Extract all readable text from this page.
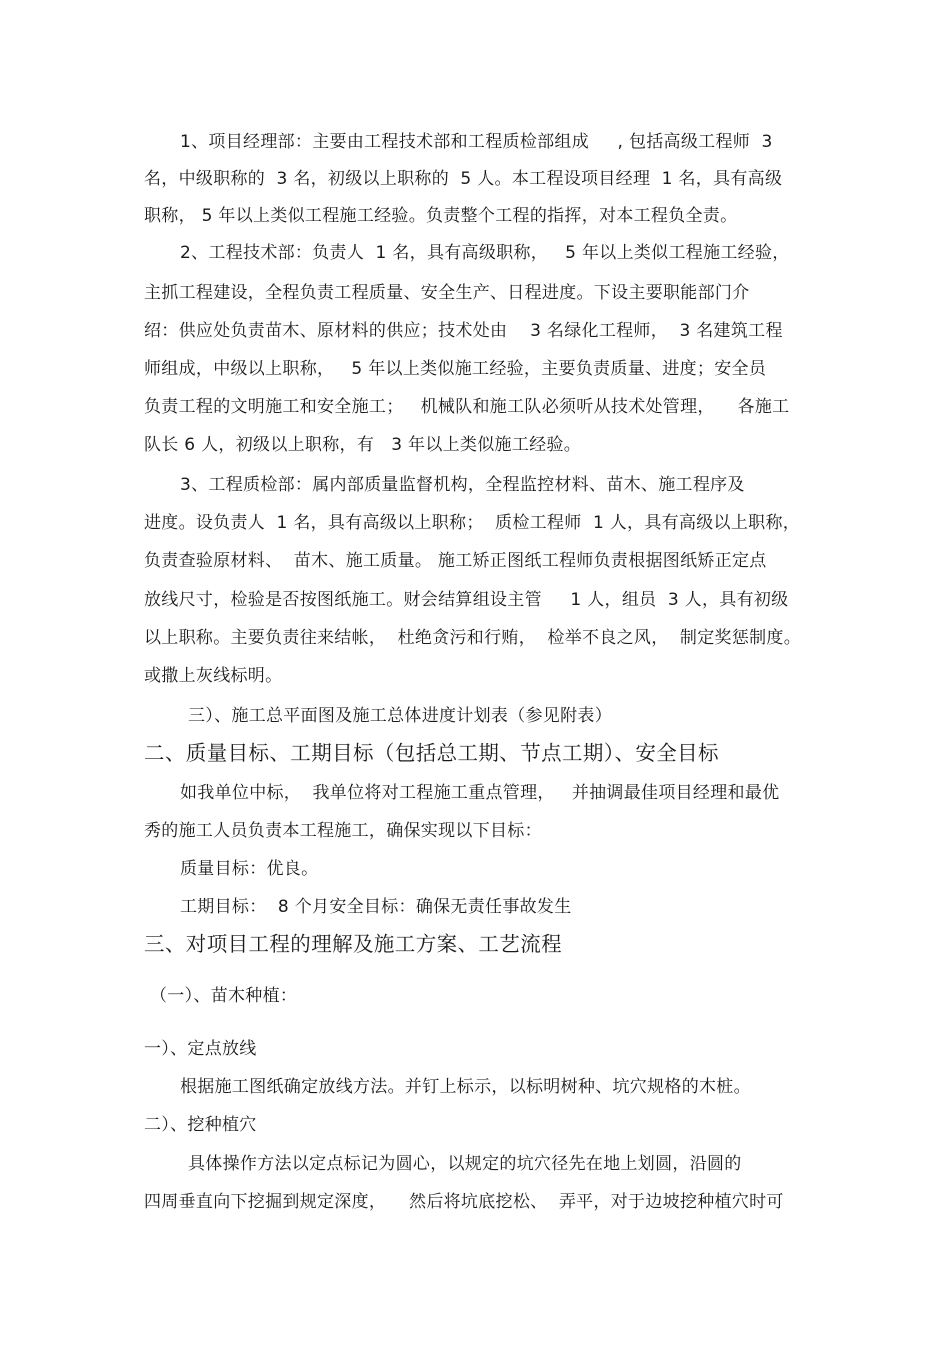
1、项目经理部：主要由工程技术部和工程质检部组成     , 包括高级工程师  3
名，中级职称的  3 名，初级以上职称的  5 人。本工程设项目经理  1 名，具有高级
职称， 5 年以上类似工程施工经验。负责整个工程的指挥，对本工程负全责。
2、工程技术部：负责人  1 名，具有高级职称，   5 年以上类似工程施工经验，
主抓工程建设，全程负责工程质量、安全生产、日程进度。下设主要职能部门介
绍：供应处负责苗木、原材料的供应；技术处由    3 名绿化工程师，  3 名建筑工程
师组成，中级以上职称，   5 年以上类似施工经验，主要负责质量、进度；安全员
负责工程的文明施工和安全施工；   机械队和施工队必须听从技术处管理，    各施工
队长 6 人，初级以上职称，有   3 年以上类似施工经验。
3、工程质检部：属内部质量监督机构，全程监控材料、苗木、施工程序及
进度。设负责人  1 名，具有高级以上职称；  质检工程师  1 人，具有高级以上职称，
负责查验原材料、  苗木、施工质量。 施工矫正图纸工程师负责根据图纸矫正定点
放线尺寸，检验是否按图纸施工。财会结算组设主管     1 人，组员  3 人，具有初级
以上职称。主要负责往来结帐，  杜绝贪污和行贿，  检举不良之风，  制定奖惩制度。
或撒上灰线标明。
三）、施工总平面图及施工总体进度计划表（参见附表）
二、质量目标、工期目标（包括总工期、节点工期）、安全目标
如我单位中标，  我单位将对工程施工重点管理，   并抽调最佳项目经理和最优
秀的施工人员负责本工程施工，确保实现以下目标：
质量目标：优良。
工期目标：  8 个月安全目标：确保无责任事故发生
三、对项目工程的理解及施工方案、工艺流程
（一）、苗木种植：
一）、定点放线
根据施工图纸确定放线方法。并钉上标示，以标明树种、坑穴规格的木桩。
二）、挖种植穴
具体操作方法以定点标记为圆心，以规定的坑穴径先在地上划圆，沿圆的
四周垂直向下挖掘到规定深度，    然后将坑底挖松、  弄平，对于边坡挖种植穴时可
